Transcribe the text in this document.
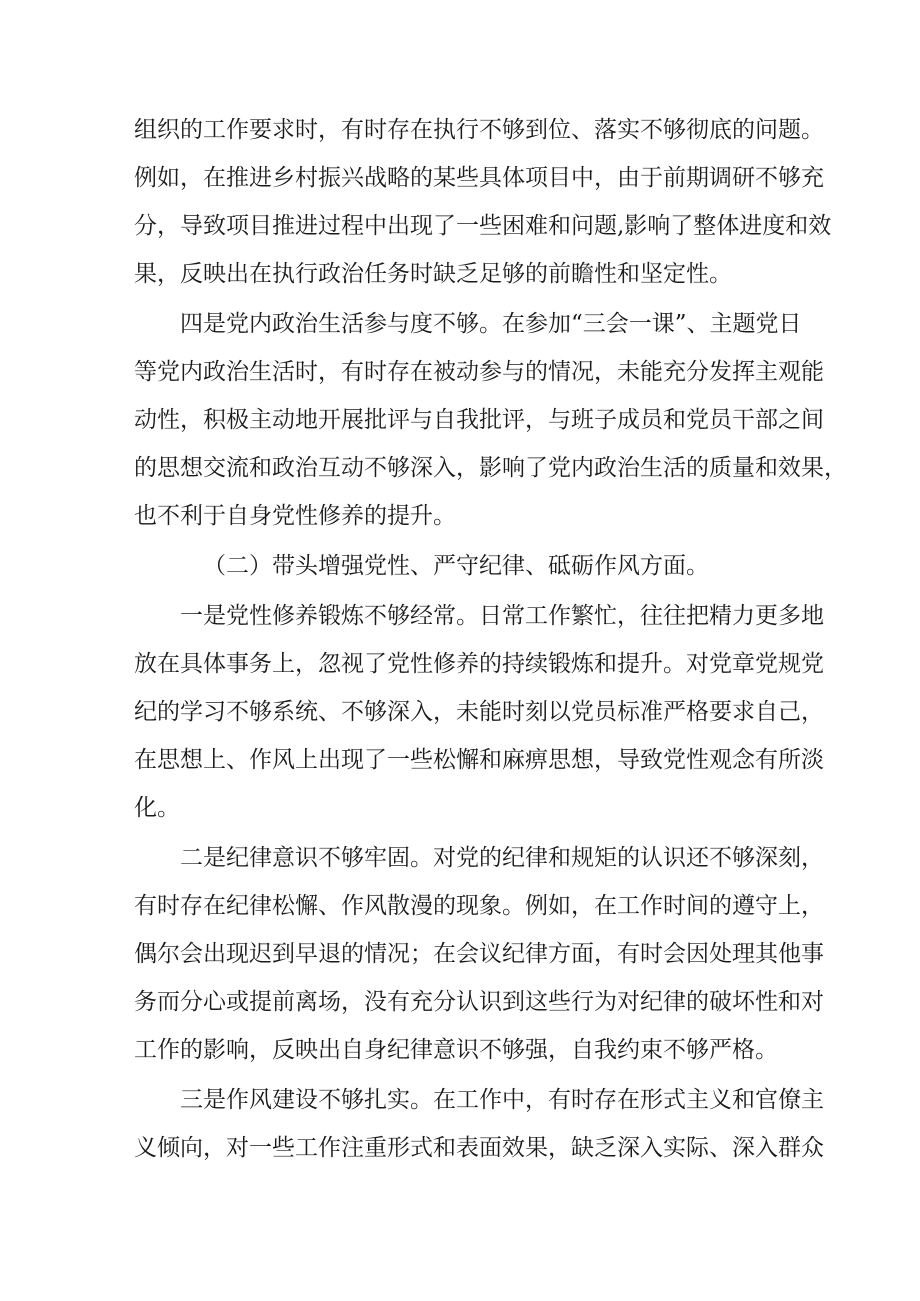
组织的工作要求时，有时存在执行不够到位、落实不够彻底的问题。
例如，在推进乡村振兴战略的某些具体项目中，由于前期调研不够充
分，导致项目推进过程中出现了一些困难和问题,影响了整体进度和效
果，反映出在执行政治任务时缺乏足够的前瞻性和坚定性。
四是党内政治生活参与度不够。在参加“三会一课”、主题党日
等党内政治生活时，有时存在被动参与的情况，未能充分发挥主观能
动性，积极主动地开展批评与自我批评，与班子成员和党员干部之间
的思想交流和政治互动不够深入，影响了党内政治生活的质量和效果，
也不利于自身党性修养的提升。
（二）带头增强党性、严守纪律、砥砺作风方面。
一是党性修养锻炼不够经常。日常工作繁忙，往往把精力更多地
放在具体事务上，忽视了党性修养的持续锻炼和提升。对党章党规党
纪的学习不够系统、不够深入，未能时刻以党员标准严格要求自己，
在思想上、作风上出现了一些松懈和麻痹思想，导致党性观念有所淡
化。
二是纪律意识不够牢固。对党的纪律和规矩的认识还不够深刻，
有时存在纪律松懈、作风散漫的现象。例如，在工作时间的遵守上，
偶尔会出现迟到早退的情况；在会议纪律方面，有时会因处理其他事
务而分心或提前离场，没有充分认识到这些行为对纪律的破坏性和对
工作的影响，反映出自身纪律意识不够强，自我约束不够严格。
三是作风建设不够扎实。在工作中，有时存在形式主义和官僚主
义倾向，对一些工作注重形式和表面效果，缺乏深入实际、深入群众
